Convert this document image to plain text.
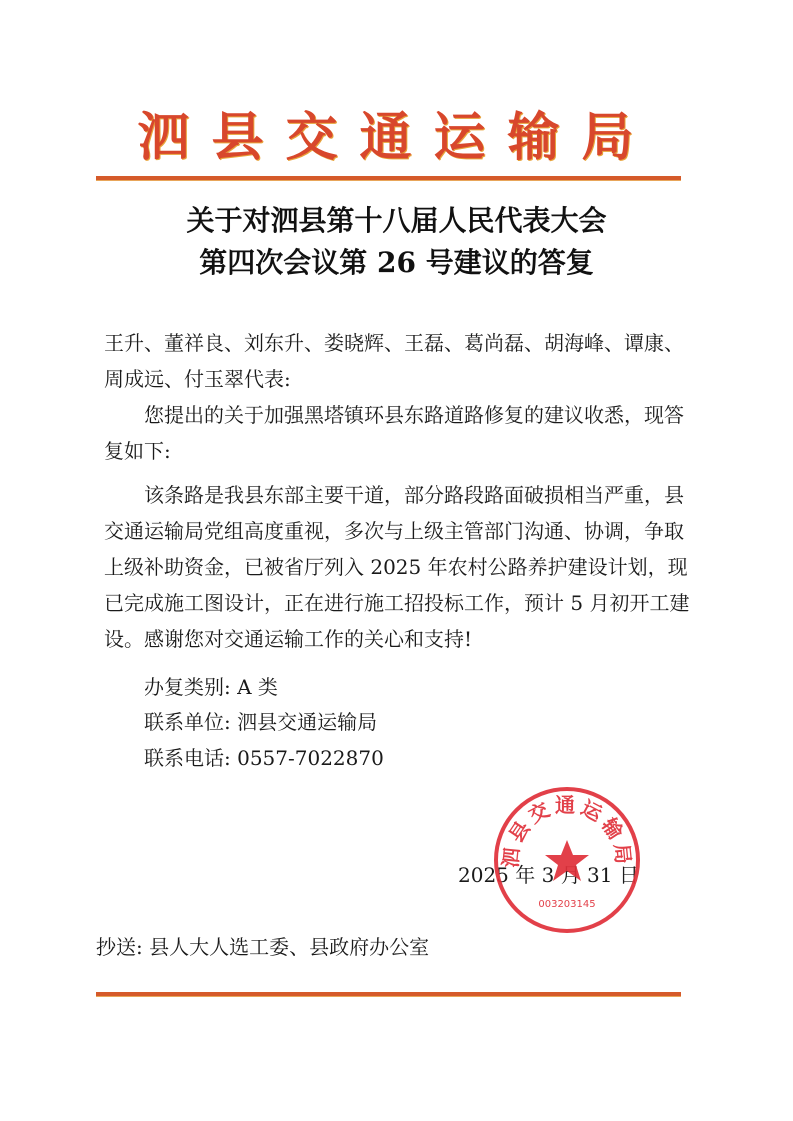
泗县交通运输局
关于对泗县第十八届人民代表大会
第四次会议第 26 号建议的答复
王升、董祥良、刘东升、娄晓辉、王磊、葛尚磊、胡海峰、谭康、周成远、付玉翠代表:
您提出的关于加强黑塔镇环县东路道路修复的建议收悉，现答复如下:
该条路是我县东部主要干道，部分路段路面破损相当严重，县交通运输局党组高度重视，多次与上级主管部门沟通、协调，争取上级补助资金，已被省厅列入 2025 年农村公路养护建设计划，现已完成施工图设计，正在进行施工招投标工作，预计 5 月初开工建设。感谢您对交通运输工作的关心和支持!
办复类别: A 类
联系单位: 泗县交通运输局
联系电话: 0557-7022870
2025 年 3 月 31 日
泗县交通运输局
003203145
抄送: 县人大人选工委、县政府办公室
